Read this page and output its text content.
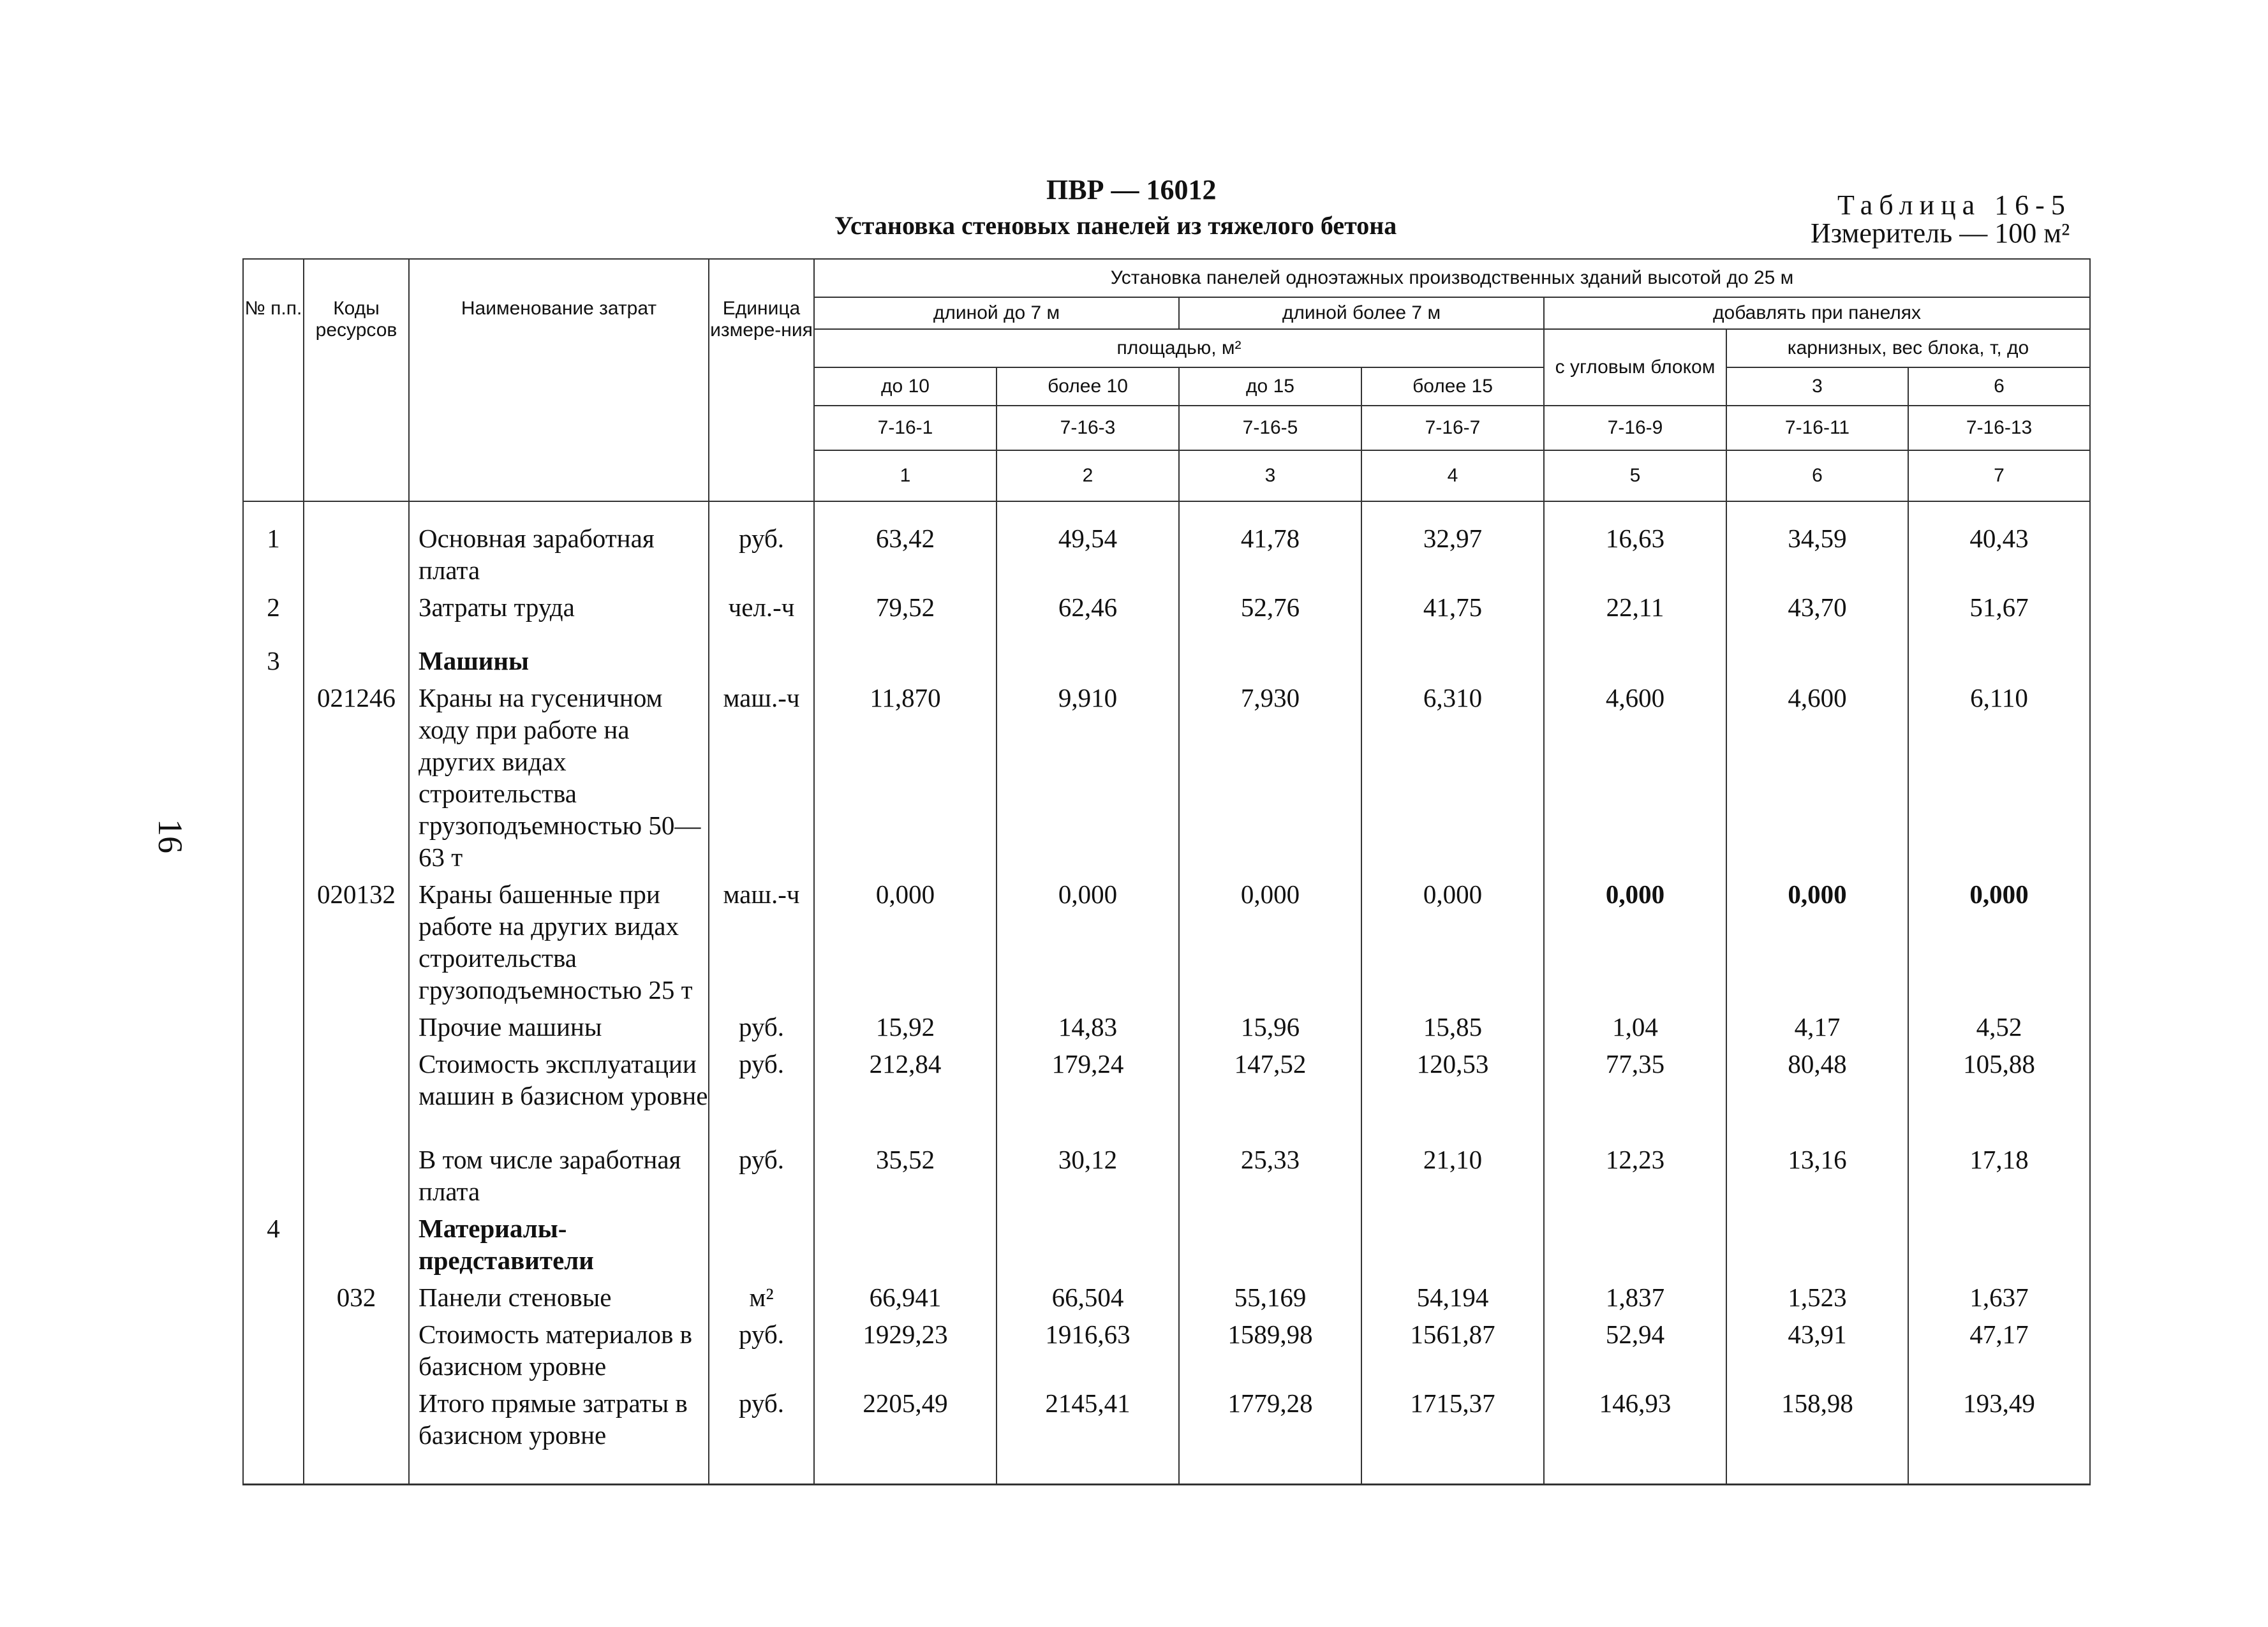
ПВР — 16012
Установка стеновых панелей из тяжелого бетона
Таблица 16-5
Измеритель — 100 м²
16
№ п.п.	Коды ресурсов	Наименование затрат	Единица измере-ния	Установка панелей одноэтажных производственных зданий высотой до 25 м						
				длиной до 7 м		длиной более 7 м		добавлять при панелях		
				площадью, м²				с угловым блоком	карнизных, вес блока, т, до	
				до 10	более 10	до 15	более 15		3	6
				7-16-1	7-16-3	7-16-5	7-16-7	7-16-9	7-16-11	7-16-13
				1	2	3	4	5	6	7
1		Основная заработная плата	руб.	63,42	49,54	41,78	32,97	16,63	34,59	40,43
2		Затраты труда	чел.-ч	79,52	62,46	52,76	41,75	22,11	43,70	51,67
3		Машины								
	021246	Краны на гусеничном ходу при работе на других видах строительства грузоподъемностью 50—63 т	маш.-ч	11,870	9,910	7,930	6,310	4,600	4,600	6,110
	020132	Краны башенные при работе на других видах строительства грузоподъемностью 25 т	маш.-ч	0,000	0,000	0,000	0,000	0,000	0,000	0,000
		Прочие машины	руб.	15,92	14,83	15,96	15,85	1,04	4,17	4,52
		Стоимость эксплуатации машин в базисном уровне	руб.	212,84	179,24	147,52	120,53	77,35	80,48	105,88
		В том числе заработная плата	руб.	35,52	30,12	25,33	21,10	12,23	13,16	17,18
4		Материалы-представители								
	032	Панели стеновые	м²	66,941	66,504	55,169	54,194	1,837	1,523	1,637
		Стоимость материалов в базисном уровне	руб.	1929,23	1916,63	1589,98	1561,87	52,94	43,91	47,17
		Итого прямые затраты в базисном уровне	руб.	2205,49	2145,41	1779,28	1715,37	146,93	158,98	193,49
